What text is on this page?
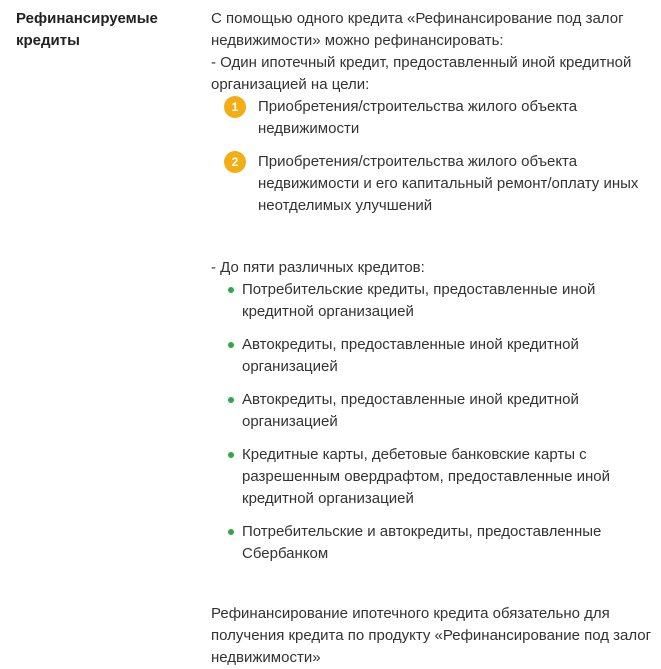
Рефинансируемые кредиты

С помощью одного кредита «Рефинансирование под залог недвижимости» можно рефинансировать:

- Один ипотечный кредит, предоставленный иной кредитной организацией на цели:

1	Приобретения/строительства жилого объекта недвижимости
2	Приобретения/строительства жилого объекта недвижимости и его капитальный ремонт/оплату иных неотделимых улучшений

- До пяти различных кредитов:

Потребительские кредиты, предоставленные иной кредитной организацией
Автокредиты, предоставленные иной кредитной организацией
Автокредиты, предоставленные иной кредитной организацией
Кредитные карты, дебетовые банковские карты с разрешенным овердрафтом, предоставленные иной кредитной организацией
Потребительские и автокредиты, предоставленные Сбербанком

Рефинансирование ипотечного кредита обязательно для получения кредита по продукту «Рефинансирование под залог недвижимости»
